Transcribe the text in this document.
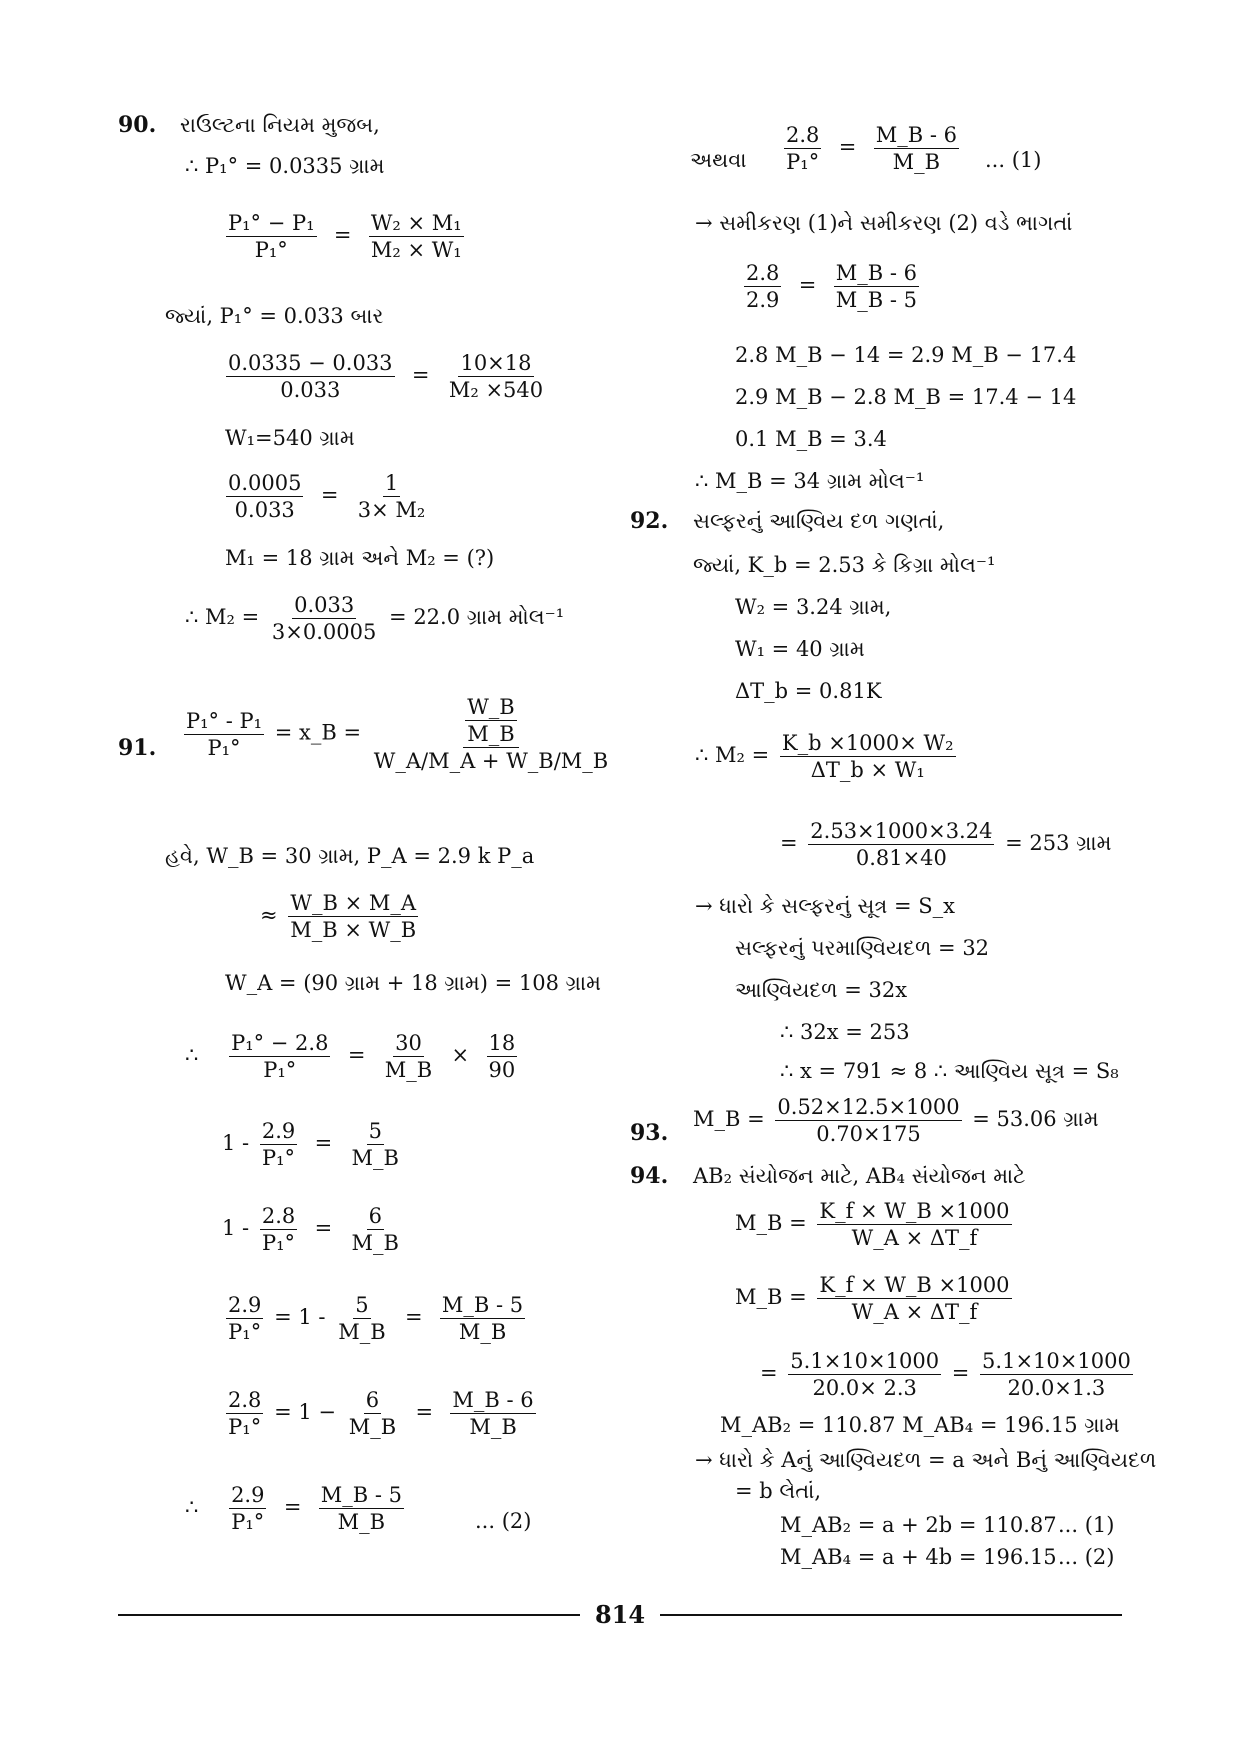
90. રાઉલ્ટના નિયમ મુજબ,
∴ P₁° = 0.0335 ગ્રામ
$\frac{\text{P₁° − P₁}}{\text{P₁°}} = \frac{\text{W₂ × M₁}}{\text{M₂ × W₁}}$
જ્યાં, P₁° = 0.033 બાર
$\frac{0.0335 - 0.033}{0.033} = \frac{10\times 18}{\text{M₂ ×540}}$
W₁=540 ગ્રામ
$\frac{0.0005}{0.033} = \frac{1}{\text{3× M₂}}$
M₁ = 18 ગ્રામ અને M₂ = (?)
∴ $M_2 = \frac{0.033}{3\times 0.0005} = 22.0$ ગ્રામ મોલ⁻¹
91. $\frac{\text{P₁° - P₁}}{\text{P₁°}}$ = x_B = $\frac{\frac{W\_B}{M\_B}}{W\_A/M\_A + W\_B/M\_B}$
હવે, W_B = 30 ગ્રામ, P_A = 2.9 k P_a
≈ $\frac{W\_B \times M\_A}{M\_B \times W\_B}$
W_A = (90 ગ્રામ + 18 ગ્રામ) = 108 ગ્રામ
∴ $\frac{\text{P₁° − 2.8}}{\text{P₁°}} = \frac{30}{M\_B} \times \frac{18}{90}$
$1 - \frac{2.9}{\text{P₁°}} = \frac{5}{M\_B}$
$1 - \frac{2.8}{\text{P₁°}} = \frac{6}{M\_B}$
$\frac{2.9}{\text{P₁°}} = 1 - \frac{5}{M\_B} = \frac{M\_B - 5}{M\_B}$
$\frac{2.8}{\text{P₁°}} = 1 - \frac{6}{M\_B} = \frac{M\_B - 6}{M\_B}$
∴ $\frac{2.9}{\text{P₁°}} = \frac{M\_B - 5}{M\_B}$	... (2)
અથવા $\frac{2.8}{\text{P₁°}} = \frac{M\_B - 6}{M\_B}$ ... (1)
→ સમીકરણ (1)ને સમીકરણ (2) વડે ભાગતાં
$\frac{2.8}{2.9} = \frac{M\_B - 6}{M\_B - 5}$
2.8 M_B − 14 = 2.9 M_B − 17.4
2.9 M_B − 2.8 M_B = 17.4 − 14
0.1 M_B = 3.4
∴ M_B = 34 ગ્રામ મોલ⁻¹
92. સલ્ફરનું આણ્વિય દળ ગણતાં,
જ્યાં, K_b = 2.53 કે કિગ્રા મોલ⁻¹
W₂ = 3.24 ગ્રામ,
W₁ = 40 ગ્રામ
ΔT_b = 0.81K
∴ $M_2 = \frac{\text{K\_b ×1000× W₂}}{\text{ΔT\_b × W₁}}$
= $\frac{2.53\times 1000\times 3.24}{0.81\times 40} = 253$ ગ્રામ
→ ધારો કે સલ્ફરનું સૂત્ર = S_x
સલ્ફરનું પરમાણ્વિયદળ = 32
આણ્વિયદળ = 32x
∴ 32x = 253
∴ x = 791 ≈ 8 ∴ આણ્વિય સૂત્ર = S₈
93.
M_B = $\frac{0.52\times 12.5\times 1000}{0.70\times 175} = 53.06$ ગ્રામ
94. AB₂ સંયોજન માટે, AB₄ સંયોજન માટે
M_B = $\frac{K\_f \times W\_B \times 1000}{W\_A \times \Delta T\_f}$
M_B = $\frac{K\_f \times W\_B \times 1000}{W\_A \times \Delta T\_f}$
= $\frac{5.1\times 10\times 1000}{20.0\times 2.3} = \frac{5.1\times 10\times 1000}{20.0\times 1.3}$
M_AB₂ = 110.87 M_AB₄ = 196.15 ગ્રામ
→ ધારો કે Aનું આણ્વિયદળ = a અને Bનું આણ્વિયદળ
= b લેતાં,
M_AB₂ = a + 2b = 110.87 ... (1)
M_AB₄ = a + 4b = 196.15 ... (2)
814
